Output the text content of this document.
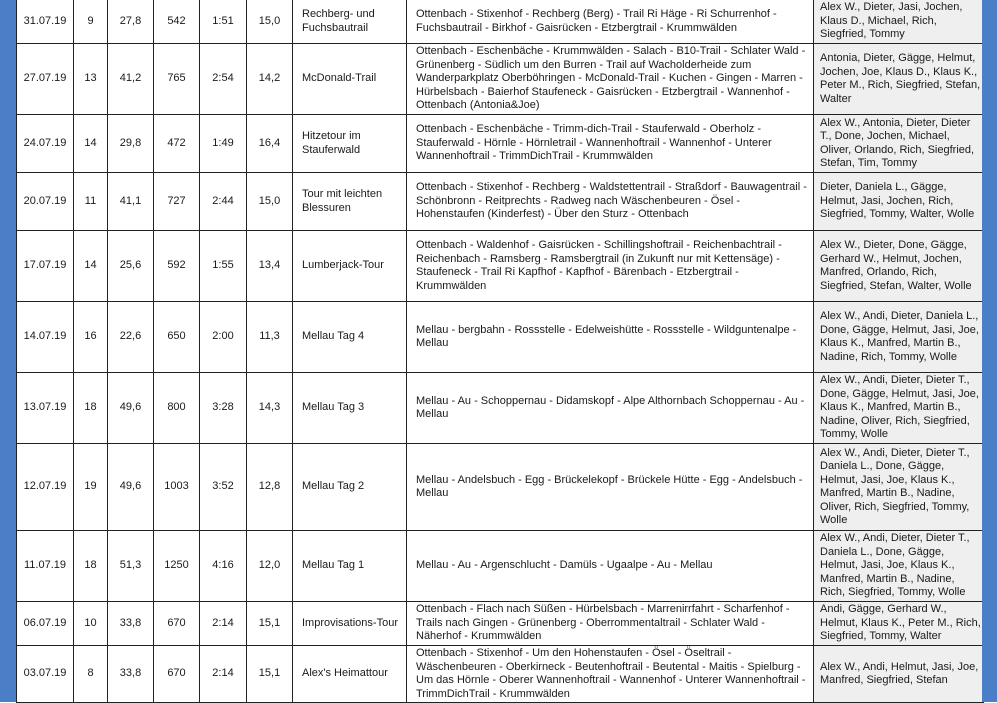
31.07.19	9	27,8	542	1:51	15,0	Rechberg- und Fuchsbautrail	Ottenbach - Stixenhof - Rechberg (Berg) - Trail Ri Häge - Ri Schurrenhof - Fuchsbautrail - Birkhof - Gaisrücken - Etzbergtrail - Krummwälden	Alex W., Dieter, Jasi, Jochen, Klaus D., Michael, Rich, Siegfried, Tommy
27.07.19	13	41,2	765	2:54	14,2	McDonald-Trail	Ottenbach - Eschenbäche - Krummwälden - Salach - B10-Trail - Schlater Wald - Grünenberg - Südlich um den Burren - Trail auf Wacholderheide zum Wanderparkplatz Oberböhringen - McDonald-Trail - Kuchen - Gingen - Marren - Hürbelsbach - Baierhof Staufeneck - Gaisrücken - Etzbergtrail - Wannenhof - Ottenbach (Antonia&Joe)	Antonia, Dieter, Gägge, Helmut, Jochen, Joe, Klaus D., Klaus K., Peter M., Rich, Siegfried, Stefan, Walter
24.07.19	14	29,8	472	1:49	16,4	Hitzetour im Stauferwald	Ottenbach - Eschenbäche - Trimm-dich-Trail - Stauferwald - Oberholz - Stauferwald - Hörnle - Hörnletrail - Wannenhoftrail - Wannenhof - Unterer Wannenhoftrail - TrimmDichTrail - Krummwälden	Alex W., Antonia, Dieter, Dieter T., Done, Jochen, Michael, Oliver, Orlando, Rich, Siegfried, Stefan, Tim, Tommy
20.07.19	11	41,1	727	2:44	15,0	Tour mit leichten Blessuren	Ottenbach - Stixenhof - Rechberg - Waldstettentrail - Straßdorf - Bauwagentrail - Schönbronn - Reitprechts - Radweg nach Wäschenbeuren - Ösel - Hohenstaufen (Kinderfest) - Über den Sturz - Ottenbach	Dieter, Daniela L., Gägge, Helmut, Jasi, Jochen, Rich, Siegfried, Tommy, Walter, Wolle
17.07.19	14	25,6	592	1:55	13,4	Lumberjack-Tour	Ottenbach - Waldenhof - Gaisrücken - Schillingshoftrail - Reichenbachtrail - Reichenbach - Ramsberg - Ramsbergtrail (in Zukunft nur mit Kettensäge) - Staufeneck - Trail Ri Kapfhof - Kapfhof - Bärenbach - Etzbergtrail - Krummwälden	Alex W., Dieter, Done, Gägge, Gerhard W., Helmut, Jochen, Manfred, Orlando, Rich, Siegfried, Stefan, Walter, Wolle
14.07.19	16	22,6	650	2:00	11,3	Mellau Tag 4	Mellau - bergbahn - Rossstelle - Edelweishütte - Rossstelle - Wildguntenalpe - Mellau	Alex W., Andi, Dieter, Daniela L., Done, Gägge, Helmut, Jasi, Joe, Klaus K., Manfred, Martin B., Nadine, Rich, Tommy, Wolle
13.07.19	18	49,6	800	3:28	14,3	Mellau Tag 3	Mellau - Au - Schoppernau - Didamskopf - Alpe Althornbach Schoppernau - Au - Mellau	Alex W., Andi, Dieter, Dieter T., Done, Gägge, Helmut, Jasi, Joe, Klaus K., Manfred, Martin B., Nadine, Oliver, Rich, Siegfried, Tommy, Wolle
12.07.19	19	49,6	1003	3:52	12,8	Mellau Tag 2	Mellau - Andelsbuch - Egg - Brückelekopf - Brückele Hütte - Egg - Andelsbuch - Mellau	Alex W., Andi, Dieter, Dieter T., Daniela L., Done, Gägge, Helmut, Jasi, Joe, Klaus K., Manfred, Martin B., Nadine, Oliver, Rich, Siegfried, Tommy, Wolle
11.07.19	18	51,3	1250	4:16	12,0	Mellau Tag 1	Mellau - Au - Argenschlucht - Damüls - Ugaalpe - Au - Mellau	Alex W., Andi, Dieter, Dieter T., Daniela L., Done, Gägge, Helmut, Jasi, Joe, Klaus K., Manfred, Martin B., Nadine, Rich, Siegfried, Tommy, Wolle
06.07.19	10	33,8	670	2:14	15,1	Improvisations-Tour	Ottenbach - Flach nach Süßen - Hürbelsbach - Marrenirrfahrt - Scharfenhof - Trails nach Gingen - Grünenberg - Oberrommentaltrail - Schlater Wald - Näherhof - Krummwälden	Andi, Gägge, Gerhard W., Helmut, Klaus K., Peter M., Rich, Siegfried, Tommy, Walter
03.07.19	8	33,8	670	2:14	15,1	Alex's Heimattour	Ottenbach - Stixenhof - Um den Hohenstaufen - Ösel - Öseltrail - Wäschenbeuren - Oberkirneck - Beutenhoftrail - Beutental - Maitis - Spielburg - Um das Hörnle - Oberer Wannenhoftrail - Wannenhof - Unterer Wannenhoftrail - TrimmDichTrail - Krummwälden	Alex W., Andi, Helmut, Jasi, Joe, Manfred, Siegfried, Stefan
